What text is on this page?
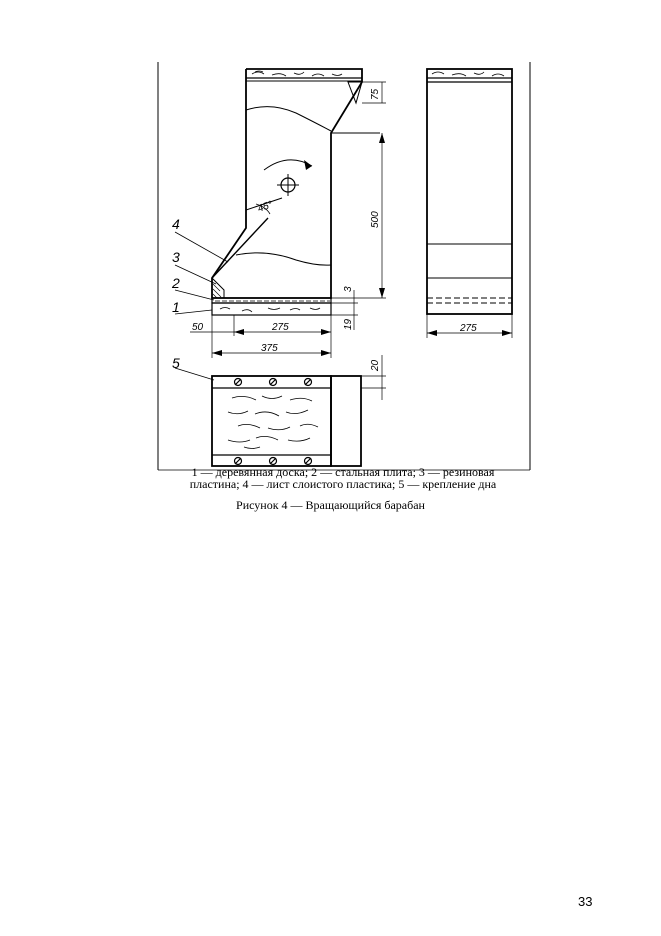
4
3
2
1
5
45°
75
500
3
19
50	275
375
275
20
1 — деревянная доска; 2 — стальная плита; 3 — резиновая
пластина; 4 — лист слоистого пластика; 5 — крепление дна
Рисунок 4 — Вращающийся барабан
33
